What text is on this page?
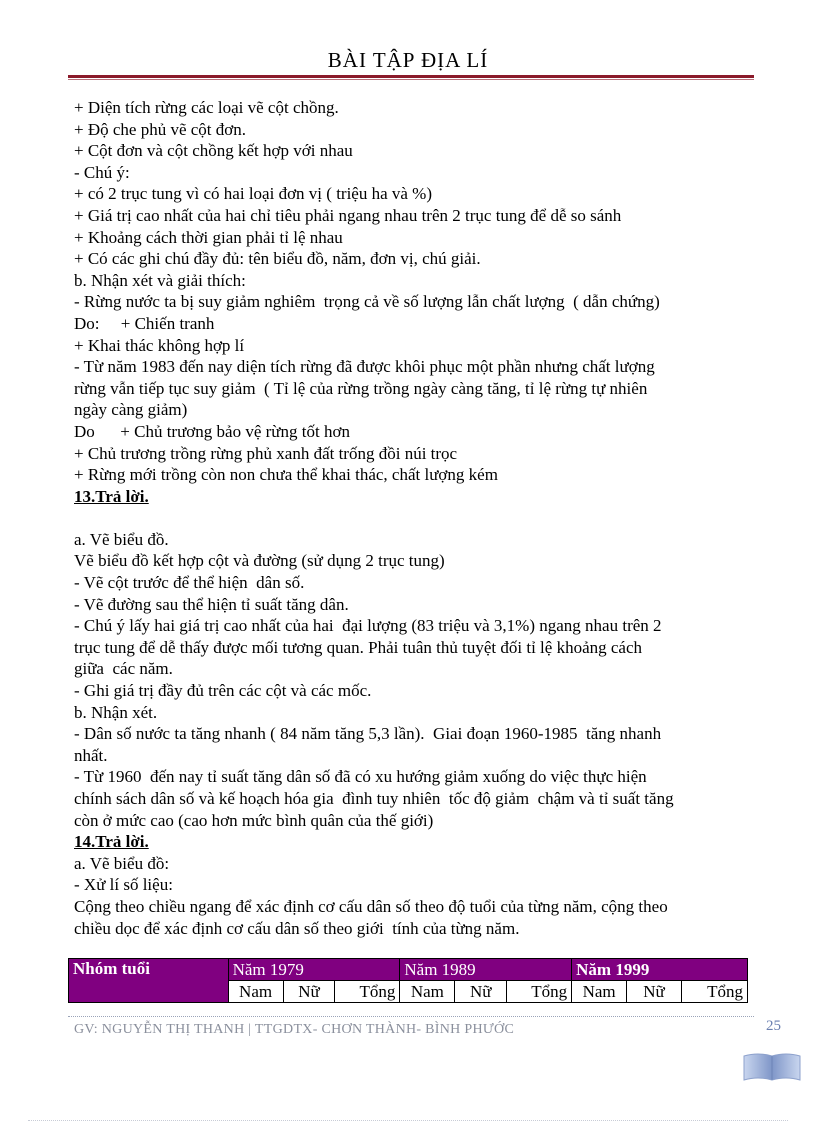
BÀI TẬP ĐỊA LÍ
+ Diện tích rừng các loại vẽ cột chồng.
+ Độ che phủ vẽ cột đơn.
+ Cột đơn và cột chồng kết hợp với nhau
- Chú ý:
+ có 2 trục tung vì có hai loại đơn vị ( triệu ha và %)
+ Giá trị cao nhất của hai chỉ tiêu phải ngang nhau trên 2 trục tung để dễ so sánh
+ Khoảng cách thời gian phải tỉ lệ nhau
+ Có các ghi chú đầy đủ: tên biểu đồ, năm, đơn vị, chú giải.
b. Nhận xét và giải thích:
- Rừng nước ta bị suy giảm nghiêm  trọng cả về số lượng lẫn chất lượng  ( dẫn chứng)
Do:     + Chiến tranh
+ Khai thác không hợp lí
- Từ năm 1983 đến nay diện tích rừng đã được khôi phục một phần nhưng chất lượng
rừng vẫn tiếp tục suy giảm  ( Tỉ lệ của rừng trồng ngày càng tăng, tỉ lệ rừng tự nhiên
ngày càng giảm)
Do      + Chủ trương bảo vệ rừng tốt hơn
+ Chủ trương trồng rừng phủ xanh đất trống đồi núi trọc
+ Rừng mới trồng còn non chưa thể khai thác, chất lượng kém
13.Trả lời.
a. Vẽ biểu đồ.
Vẽ biểu đồ kết hợp cột và đường (sử dụng 2 trục tung)
- Vẽ cột trước để thể hiện  dân số.
- Vẽ đường sau thể hiện tỉ suất tăng dân.
- Chú ý lấy hai giá trị cao nhất của hai  đại lượng (83 triệu và 3,1%) ngang nhau trên 2
trục tung để dễ thấy được mối tương quan. Phải tuân thủ tuyệt đối tỉ lệ khoảng cách
giữa  các năm.
- Ghi giá trị đầy đủ trên các cột và các mốc.
b. Nhận xét.
- Dân số nước ta tăng nhanh ( 84 năm tăng 5,3 lần).  Giai đoạn 1960-1985  tăng nhanh
nhất.
- Từ 1960  đến nay tỉ suất tăng dân số đã có xu hướng giảm xuống do việc thực hiện
chính sách dân số và kế hoạch hóa gia  đình tuy nhiên  tốc độ giảm  chậm và tỉ suất tăng
còn ở mức cao (cao hơn mức bình quân của thế giới)
14.Trả lời.
a. Vẽ biểu đồ:
- Xử lí số liệu:
Cộng theo chiều ngang để xác định cơ cấu dân số theo độ tuổi của từng năm, cộng theo
chiều dọc để xác định cơ cấu dân số theo giới  tính của từng năm.
Nhóm tuổi	Năm 1979			Năm 1989			Năm 1999		
	Nam	Nữ	Tổng	Nam	Nữ	Tổng	Nam	Nữ	Tổng
GV: NGUYỄN THỊ THANH | TTGDTX- CHƠN THÀNH- BÌNH PHƯỚC	25
